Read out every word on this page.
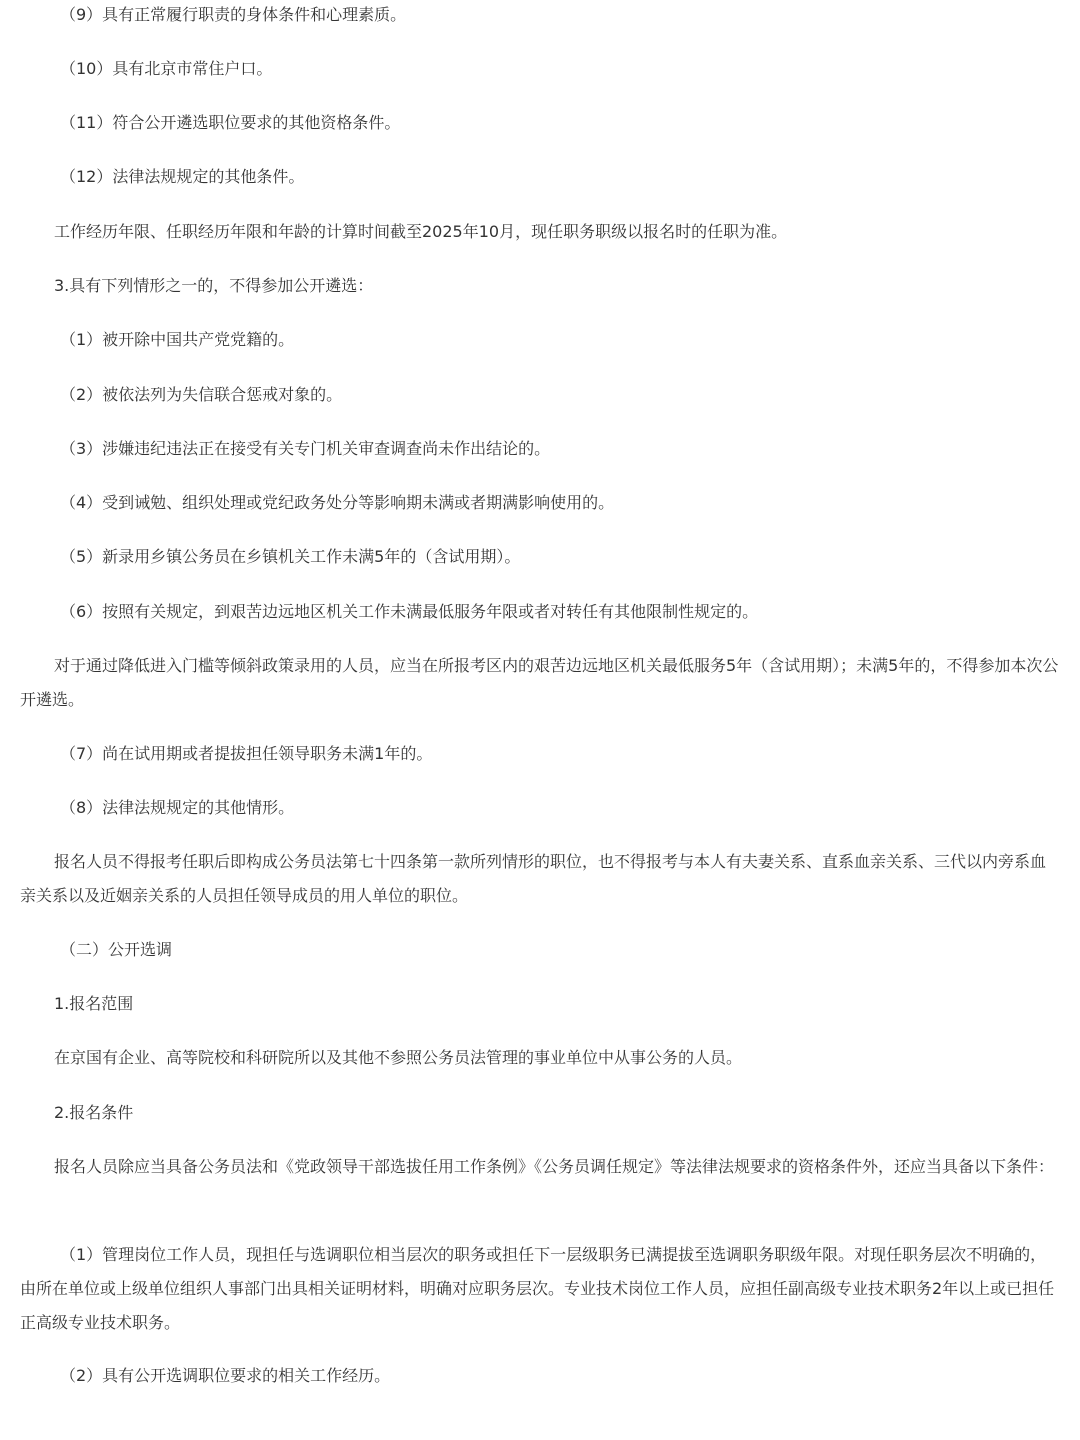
（9）具有正常履行职责的身体条件和心理素质。

（10）具有北京市常住户口。

（11）符合公开遴选职位要求的其他资格条件。

（12）法律法规规定的其他条件。

工作经历年限、任职经历年限和年龄的计算时间截至2025年10月，现任职务职级以报名时的任职为准。

3.具有下列情形之一的，不得参加公开遴选：

（1）被开除中国共产党党籍的。

（2）被依法列为失信联合惩戒对象的。

（3）涉嫌违纪违法正在接受有关专门机关审查调查尚未作出结论的。

（4）受到诫勉、组织处理或党纪政务处分等影响期未满或者期满影响使用的。

（5）新录用乡镇公务员在乡镇机关工作未满5年的（含试用期）。

（6）按照有关规定，到艰苦边远地区机关工作未满最低服务年限或者对转任有其他限制性规定的。

对于通过降低进入门槛等倾斜政策录用的人员，应当在所报考区内的艰苦边远地区机关最低服务5年（含试用期）；未满5年的，不得参加本次公开遴选。

（7）尚在试用期或者提拔担任领导职务未满1年的。

（8）法律法规规定的其他情形。

报名人员不得报考任职后即构成公务员法第七十四条第一款所列情形的职位，也不得报考与本人有夫妻关系、直系血亲关系、三代以内旁系血亲关系以及近姻亲关系的人员担任领导成员的用人单位的职位。

（二）公开选调

1.报名范围

在京国有企业、高等院校和科研院所以及其他不参照公务员法管理的事业单位中从事公务的人员。

2.报名条件

报名人员除应当具备公务员法和《党政领导干部选拔任用工作条例》《公务员调任规定》等法律法规要求的资格条件外，还应当具备以下条件：

（1）管理岗位工作人员，现担任与选调职位相当层次的职务或担任下一层级职务已满提拔至选调职务职级年限。对现任职务层次不明确的，由所在单位或上级单位组织人事部门出具相关证明材料，明确对应职务层次。专业技术岗位工作人员，应担任副高级专业技术职务2年以上或已担任正高级专业技术职务。

（2）具有公开选调职位要求的相关工作经历。
